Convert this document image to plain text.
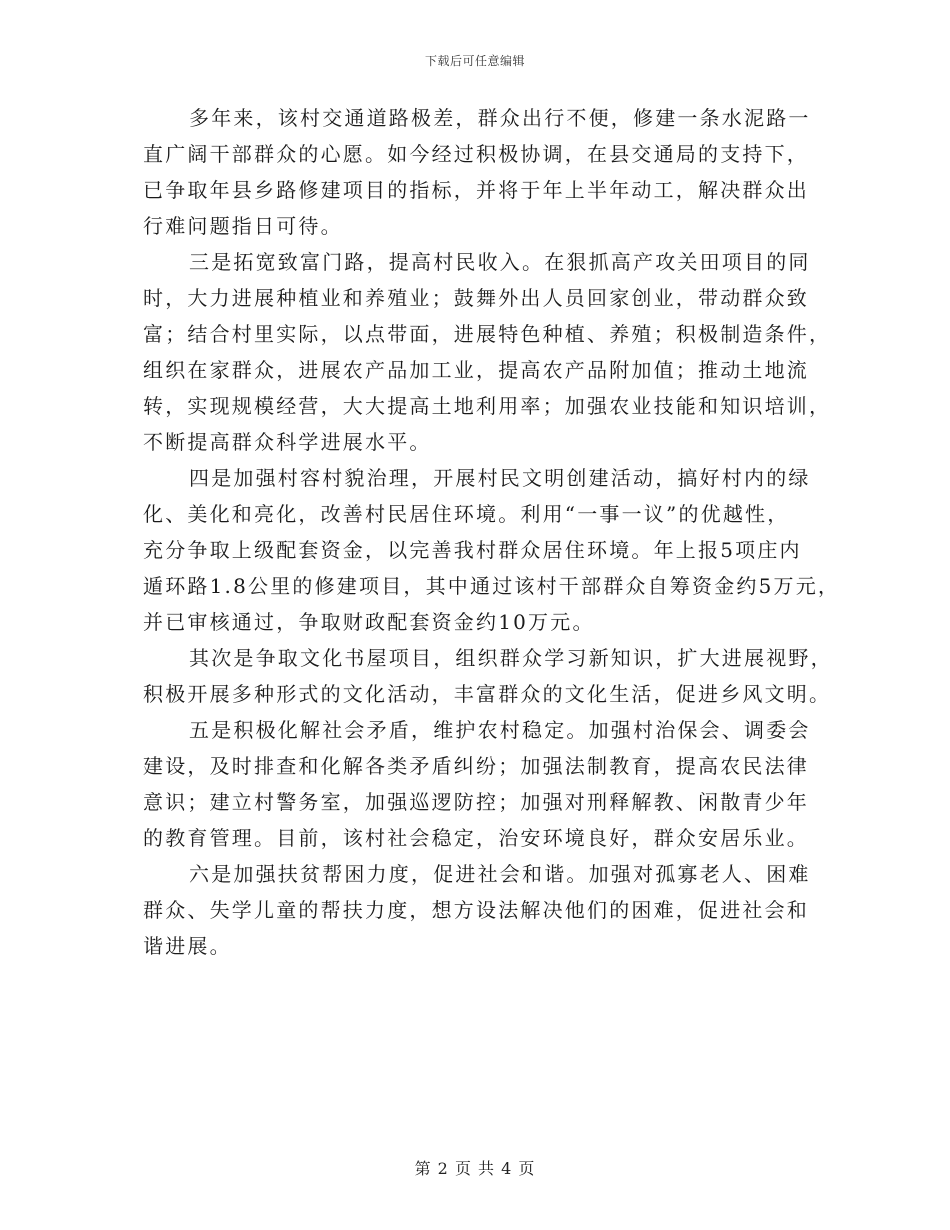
下载后可任意编辑
多年来，该村交通道路极差，群众出行不便，修建一条水泥路一
直广阔干部群众的心愿。如今经过积极协调，在县交通局的支持下，
已争取年县乡路修建项目的指标，并将于年上半年动工，解决群众出
行难问题指日可待。
三是拓宽致富门路，提高村民收入。在狠抓高产攻关田项目的同
时，大力进展种植业和养殖业；鼓舞外出人员回家创业，带动群众致
富；结合村里实际，以点带面，进展特色种植、养殖；积极制造条件，
组织在家群众，进展农产品加工业，提高农产品附加值；推动土地流
转，实现规模经营，大大提高土地利用率；加强农业技能和知识培训，
不断提高群众科学进展水平。
四是加强村容村貌治理，开展村民文明创建活动，搞好村内的绿
化、美化和亮化，改善村民居住环境。利用“一事一议”的优越性，
充分争取上级配套资金，以完善我村群众居住环境。年上报5项庄内
遁环路1.8公里的修建项目，其中通过该村干部群众自筹资金约5万元，
并已审核通过，争取财政配套资金约10万元。
其次是争取文化书屋项目，组织群众学习新知识，扩大进展视野，
积极开展多种形式的文化活动，丰富群众的文化生活，促进乡风文明。
五是积极化解社会矛盾，维护农村稳定。加强村治保会、调委会
建设，及时排查和化解各类矛盾纠纷；加强法制教育，提高农民法律
意识；建立村警务室，加强巡逻防控；加强对刑释解教、闲散青少年
的教育管理。目前，该村社会稳定，治安环境良好，群众安居乐业。
六是加强扶贫帮困力度，促进社会和谐。加强对孤寡老人、困难
群众、失学儿童的帮扶力度，想方设法解决他们的困难，促进社会和
谐进展。
第 2 页 共 4 页
